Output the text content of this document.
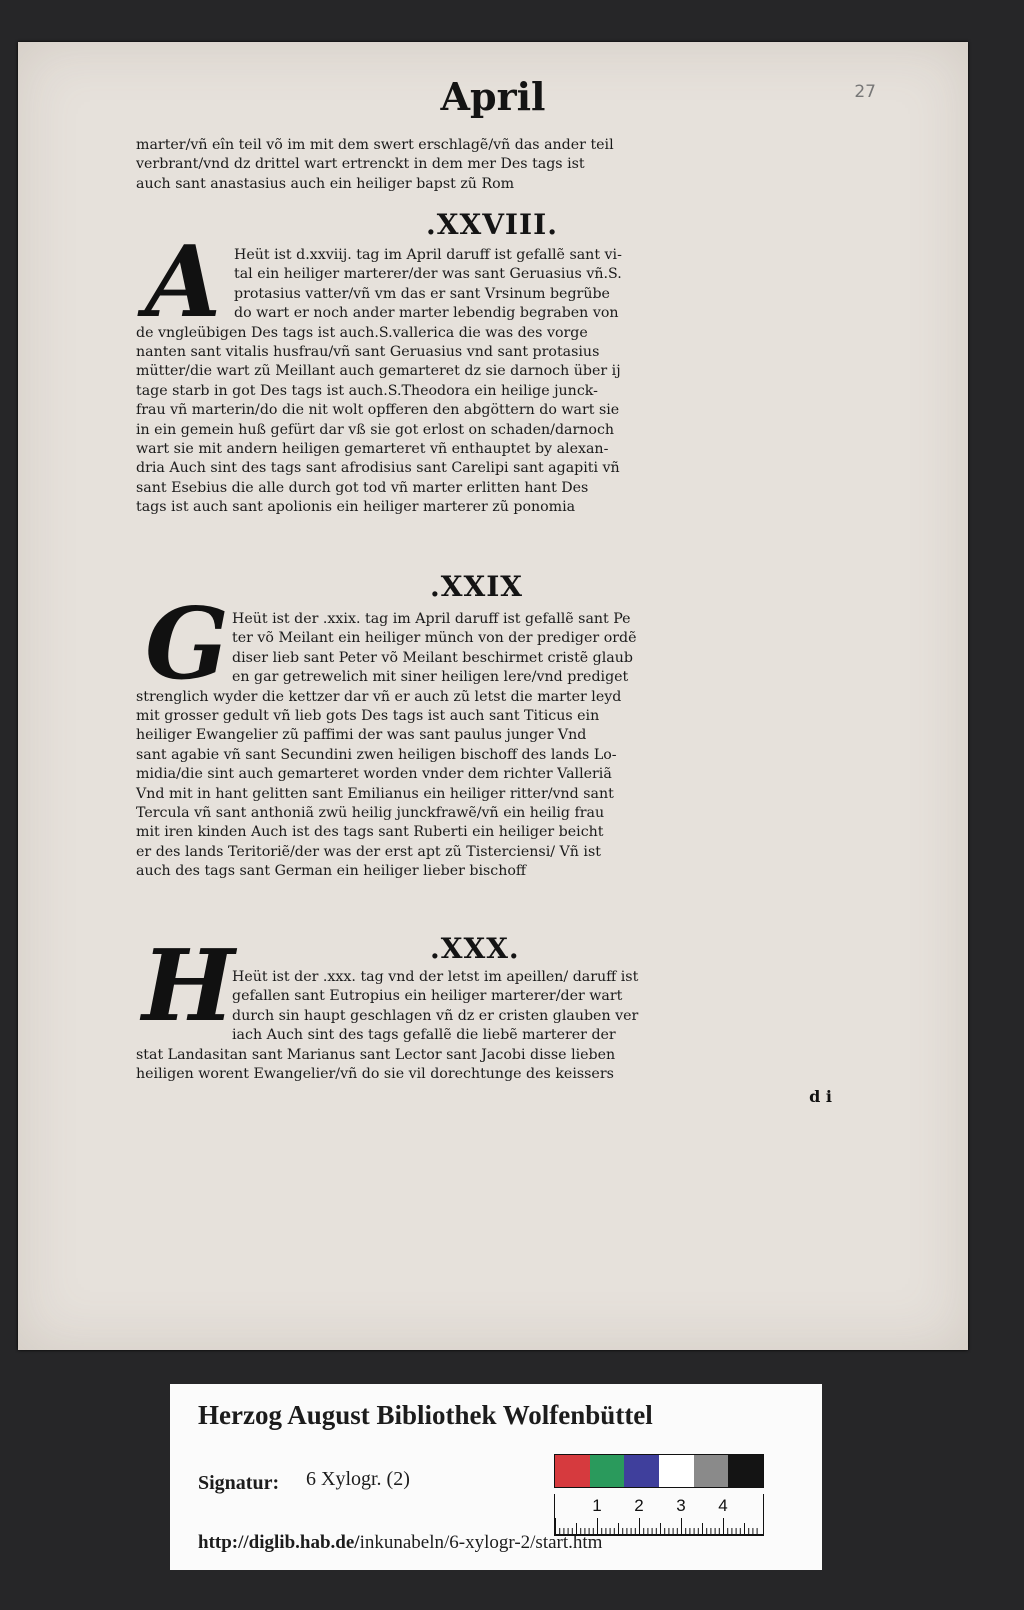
27
April
marter/vñ eîn teil võ im mit dem swert erschlagẽ/vñ das ander teil
verbrant/vnd dz drittel wart ertrenckt in dem mer Des tags ist
auch sant anastasius auch ein heiliger bapst zũ Rom
.XXVIII.
A Heüt ist d.xxviij. tag im April daruff ist gefallẽ sant vi-
tal ein heiliger marterer/der was sant Geruasius vñ.S.
protasius vatter/vñ vm das er sant Vrsinum begrũbe
do wart er noch ander marter lebendig begraben von
de vngleübigen Des tags ist auch.S.vallerica die was des vorge
nanten sant vitalis husfrau/vñ sant Geruasius vnd sant protasius
mütter/die wart zũ Meillant auch gemarteret dz sie darnoch über ij
tage starb in got Des tags ist auch.S.Theodora ein heilige junck-
frau vñ marterin/do die nit wolt opfferen den abgöttern do wart sie
in ein gemein huß gefürt dar vß sie got erlost on schaden/darnoch
wart sie mit andern heiligen gemarteret vñ enthauptet by alexan-
dria Auch sint des tags sant afrodisius sant Carelipi sant agapiti vñ
sant Esebius die alle durch got tod vñ marter erlitten hant Des
tags ist auch sant apolionis ein heiliger marterer zũ ponomia
.XXIX
G Heüt ist der .xxix. tag im April daruff ist gefallẽ sant Pe
ter võ Meilant ein heiliger münch von der prediger ordẽ
diser lieb sant Peter võ Meilant beschirmet cristẽ glaub
en gar getrewelich mit siner heiligen lere/vnd prediget
strenglich wyder die kettzer dar vñ er auch zũ letst die marter leyd
mit grosser gedult vñ lieb gots Des tags ist auch sant Titicus ein
heiliger Ewangelier zũ paffimi der was sant paulus junger Vnd
sant agabie vñ sant Secundini zwen heiligen bischoff des lands Lo-
midia/die sint auch gemarteret worden vnder dem richter Valleriã
Vnd mit in hant gelitten sant Emilianus ein heiliger ritter/vnd sant
Tercula vñ sant anthoniã zwü heilig junckfrawẽ/vñ ein heilig frau
mit iren kinden Auch ist des tags sant Ruberti ein heiliger beicht
er des lands Teritoriẽ/der was der erst apt zũ Tisterciensi/ Vñ ist
auch des tags sant German ein heiliger lieber bischoff
.XXX.
H
Heüt ist der .xxx. tag vnd der letst im apeillen/ daruff ist
gefallen sant Eutropius ein heiliger marterer/der wart
durch sin haupt geschlagen vñ dz er cristen glauben ver
iach Auch sint des tags gefallẽ die liebẽ marterer der
stat Landasitan sant Marianus sant Lector sant Jacobi disse lieben
heiligen worent Ewangelier/vñ do sie vil dorechtunge des keissers
d i
Herzog August Bibliothek Wolfenbüttel
Signatur: 6 Xylogr. (2)
http://diglib.hab.de/inkunabeln/6-xylogr-2/start.htm
1 2 3 4
